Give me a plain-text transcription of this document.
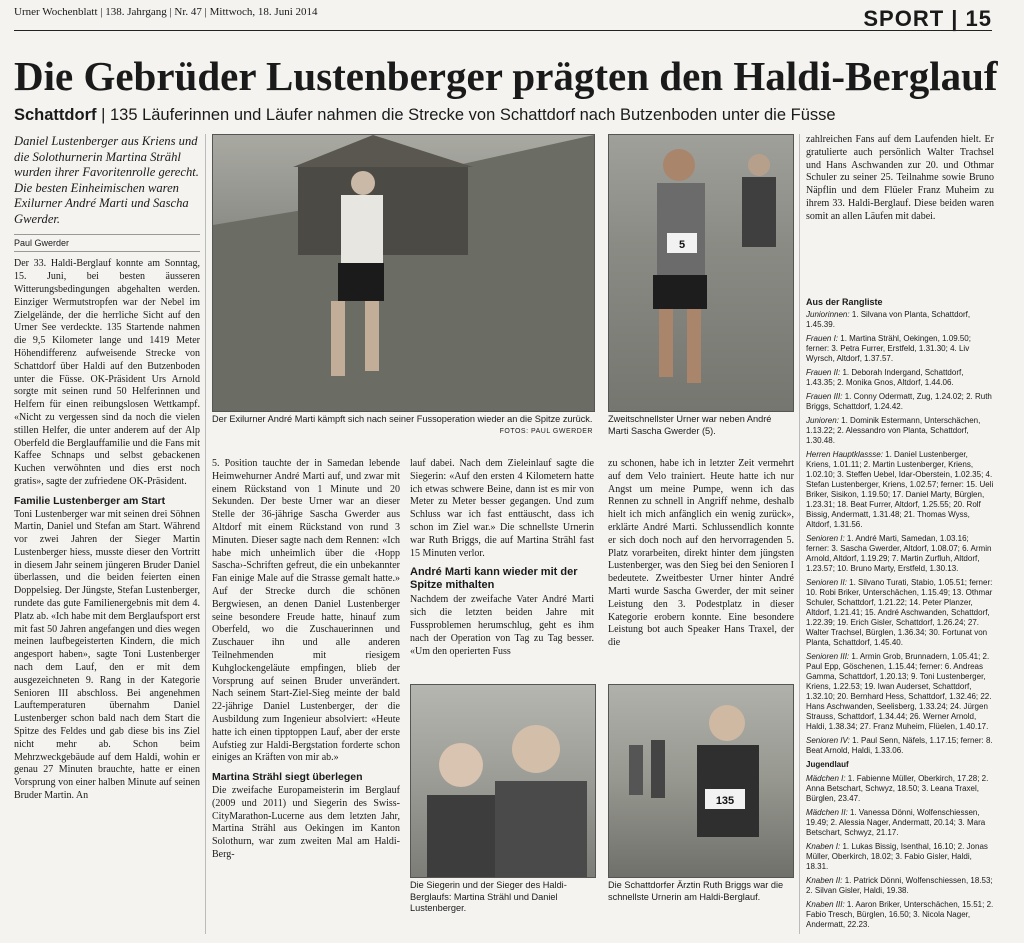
Urner Wochenblatt | 138. Jahrgang | Nr. 47 | Mittwoch, 18. Juni 2014	SPORT | 15
Die Gebrüder Lustenberger prägten den Haldi-Berglauf
Schattdorf | 135 Läuferinnen und Läufer nahmen die Strecke von Schattdorf nach Butzenboden unter die Füsse

Daniel Lustenberger aus Kriens und die Solothurnerin Martina Strähl wurden ihrer Favoritenrolle gerecht. Die besten Einheimischen waren Exilurner André Marti und Sascha Gwerder.

Paul Gwerder

Der 33. Haldi-Berglauf konnte am Sonntag, 15. Juni, bei besten äusseren Witterungsbedingungen abgehalten werden. Einziger Wermutstropfen war der Nebel im Zielgelände, der die herrliche Sicht auf den Urner See verdeckte. 135 Startende nahmen die 9,5 Kilometer lange und 1419 Meter Höhendifferenz aufweisende Strecke von Schattdorf über Haldi auf den Butzenboden unter die Füsse. OK-Präsident Urs Arnold sorgte mit seinen rund 50 Helferinnen und Helfern für einen reibungslosen Wettkampf. «Nicht zu vergessen sind da noch die vielen stillen Helfer, die unter anderem auf der Alp Oberfeld die Berglauffamilie und die Fans mit Kaffee Schnaps und selbst gebackenen Kuchen verwöhnten und dies erst noch gratis», sagte der zufriedene OK-Präsident.

Familie Lustenberger am Start

Toni Lustenberger war mit seinen drei Söhnen Martin, Daniel und Stefan am Start. Während vor zwei Jahren der Sieger Martin Lustenberger hiess, musste dieser den Vortritt in diesem Jahr seinem jüngeren Bruder Daniel überlassen, und die beiden feierten einen Doppelsieg. Der Jüngste, Stefan Lustenberger, rundete das gute Familienergebnis mit dem 4. Platz ab. «Ich habe mit dem Berglaufsport erst mit fast 50 Jahren angefangen und dies wegen meinen laufbegeisterten Kindern, die mich angesport haben», sagte Toni Lustenberger nach dem Lauf, den er mit dem ausgezeichneten 9. Rang in der Kategorie Senioren III abschloss. Bei angenehmen Lauftemperaturen übernahm Daniel Lustenberger schon bald nach dem Start die Spitze des Feldes und gab diese bis ins Ziel nicht mehr ab. Schon beim Mehrzweckgebäude auf dem Haldi, wohin er genau 27 Minuten brauchte, hatte er einen Vorsprung von einer halben Minute auf seinen Bruder Martin. An

Der Exilurner André Marti kämpft sich nach seiner Fussoperation wieder an die Spitze zurück.
FOTOS: PAUL GWERDER

5. Position tauchte der in Samedan lebende Heimwehurner André Marti auf, und zwar mit einem Rückstand von 1 Minute und 20 Sekunden. Der beste Urner war an dieser Stelle der 36-jährige Sascha Gwerder aus Altdorf mit einem Rückstand von rund 3 Minuten. Dieser sagte nach dem Rennen: «Ich habe mich unheimlich über die ‹Hopp Sascha›-Schriften gefreut, die ein unbekannter Fan einige Male auf die Strasse gemalt hatte.» Auf der Strecke durch die schönen Bergwiesen, an denen Daniel Lustenberger seine besondere Freude hatte, hinauf zum Oberfeld, wo die Zuschauerinnen und Zuschauer ihn und alle anderen Teilnehmenden mit riesigem Kuhglockengeläute empfingen, blieb der Vorsprung auf seinen Bruder unverändert. Nach seinem Start-Ziel-Sieg meinte der bald 22-jährige Daniel Lustenberger, der die Ausbildung zum Ingenieur absolviert: «Heute hatte ich einen tipptoppen Lauf, aber der erste Aufstieg zur Haldi-Bergstation forderte schon einiges an Kräften von mir ab.»

Martina Strähl siegt überlegen

Die zweifache Europameisterin im Berglauf (2009 und 2011) und Siegerin des Swiss-CityMarathon-Lucerne aus dem letzten Jahr, Martina Strähl aus Oekingen im Kanton Solothurn, war zum zweiten Mal am Haldi-Berg-

lauf dabei. Nach dem Zieleinlauf sagte die Siegerin: «Auf den ersten 4 Kilometern hatte ich etwas schwere Beine, dann ist es mir von Meter zu Meter besser gegangen. Und zum Schluss war ich fast enttäuscht, dass ich schon im Ziel war.» Die schnellste Urnerin war Ruth Briggs, die auf Martina Strähl fast 15 Minuten verlor.

André Marti kann wieder mit der Spitze mithalten

Nachdem der zweifache Vater André Marti sich die letzten beiden Jahre mit Fussproblemen herumschlug, geht es ihm nach der Operation von Tag zu Tag besser. «Um den operierten Fuss

Die Siegerin und der Sieger des Haldi-Berglaufs: Martina Strähl und Daniel Lustenberger.
5
Zweitschnellster Urner war neben André Marti Sascha Gwerder (5).

zu schonen, habe ich in letzter Zeit vermehrt auf dem Velo trainiert. Heute hatte ich nur Angst um meine Pumpe, wenn ich das Rennen zu schnell in Angriff nehme, deshalb hielt ich mich anfänglich ein wenig zurück», erklärte André Marti. Schlussendlich konnte er sich doch noch auf den hervorragenden 5. Platz vorarbeiten, direkt hinter dem jüngsten Lustenberger, was den Sieg bei den Senioren I bedeutete. Zweitbester Urner hinter André Marti wurde Sascha Gwerder, der mit seiner Leistung den 3. Podestplatz in dieser Kategorie erobern konnte. Eine besondere Leistung bot auch Speaker Hans Traxel, der die

135
Die Schattdorfer Ärztin Ruth Briggs war die schnellste Urnerin am Haldi-Berglauf.

zahlreichen Fans auf dem Laufenden hielt. Er gratulierte auch persönlich Walter Trachsel und Hans Aschwanden zur 20. und Othmar Schuler zu seiner 25. Teilnahme sowie Bruno Näpflin und dem Flüeler Franz Muheim zu ihrem 33. Haldi-Berglauf. Diese beiden waren somit an allen Läufen mit dabei.

Aus der Rangliste

Juniorinnen: 1. Silvana von Planta, Schattdorf, 1.45.39.

Frauen I: 1. Martina Strähl, Oekingen, 1.09.50; ferner: 3. Petra Furrer, Erstfeld, 1.31.30; 4. Liv Wyrsch, Altdorf, 1.37.57.

Frauen II: 1. Deborah Indergand, Schattdorf, 1.43.35; 2. Monika Gnos, Altdorf, 1.44.06.

Frauen III: 1. Conny Odermatt, Zug, 1.24.02; 2. Ruth Briggs, Schattdorf, 1.24.42.

Junioren: 1. Dominik Estermann, Unterschächen, 1.13.22; 2. Alessandro von Planta, Schattdorf, 1.30.48.

Herren Hauptklassse: 1. Daniel Lustenberger, Kriens, 1.01.11; 2. Martin Lustenberger, Kriens, 1.02.10; 3. Steffen Uebel, Idar-Oberstein, 1.02.35; 4. Stefan Lustenberger, Kriens, 1.02.57; ferner: 15. Ueli Briker, Sisikon, 1.19.50; 17. Daniel Marty, Bürglen, 1.23.31; 18. Beat Furrer, Altdorf, 1.25.55; 20. Rolf Bissig, Andermatt, 1.31.48; 21. Thomas Wyss, Altdorf, 1.31.56.

Senioren I: 1. André Marti, Samedan, 1.03.16; ferner: 3. Sascha Gwerder, Altdorf, 1.08.07; 6. Armin Arnold, Altdorf, 1.19.29; 7. Martin Zurfluh, Altdorf, 1.23.57; 10. Bruno Marty, Erstfeld, 1.30.13.

Senioren II: 1. Silvano Turati, Stabio, 1.05.51; ferner: 10. Robi Briker, Unterschächen, 1.15.49; 13. Othmar Schuler, Schattdorf, 1.21.22; 14. Peter Planzer, Altdorf, 1.21.41; 15. André Aschwanden, Schattdorf, 1.22.39; 19. Erich Gisler, Schattdorf, 1.26.24; 27. Walter Trachsel, Bürglen, 1.36.34; 30. Fortunat von Planta, Schattdorf, 1.45.40.

Senioren III: 1. Armin Grob, Brunnadern, 1.05.41; 2. Paul Epp, Göschenen, 1.15.44; ferner: 6. Andreas Gamma, Schattdorf, 1.20.13; 9. Toni Lustenberger, Kriens, 1.22.53; 19. Iwan Auderset, Schattdorf, 1.32.10; 20. Bernhard Hess, Schattdorf, 1.32.46; 22. Hans Aschwanden, Seelisberg, 1.33.24; 24. Jürgen Strauss, Schattdorf, 1.34.44; 26. Werner Arnold, Haldi, 1.38.34; 27. Franz Muheim, Flüelen, 1.40.17.

Senioren IV: 1. Paul Senn, Näfels, 1.17.15; ferner: 8. Beat Arnold, Haldi, 1.33.06.

Jugendlauf

Mädchen I: 1. Fabienne Müller, Oberkirch, 17.28; 2. Anna Betschart, Schwyz, 18.50; 3. Leana Traxel, Bürglen, 23.47.

Mädchen II: 1. Vanessa Dönni, Wolfenschiessen, 19.49; 2. Alessia Nager, Andermatt, 20.14; 3. Mara Betschart, Schwyz, 21.17.

Knaben I: 1. Lukas Bissig, Isenthal, 16.10; 2. Jonas Müller, Oberkirch, 18.02; 3. Fabio Gisler, Haldi, 18.31.

Knaben II: 1. Patrick Dönni, Wolfenschiessen, 18.53; 2. Silvan Gisler, Haldi, 19.38.

Knaben III: 1. Aaron Briker, Unterschächen, 15.51; 2. Fabio Tresch, Bürglen, 16.50; 3. Nicola Nager, Andermatt, 22.23.
